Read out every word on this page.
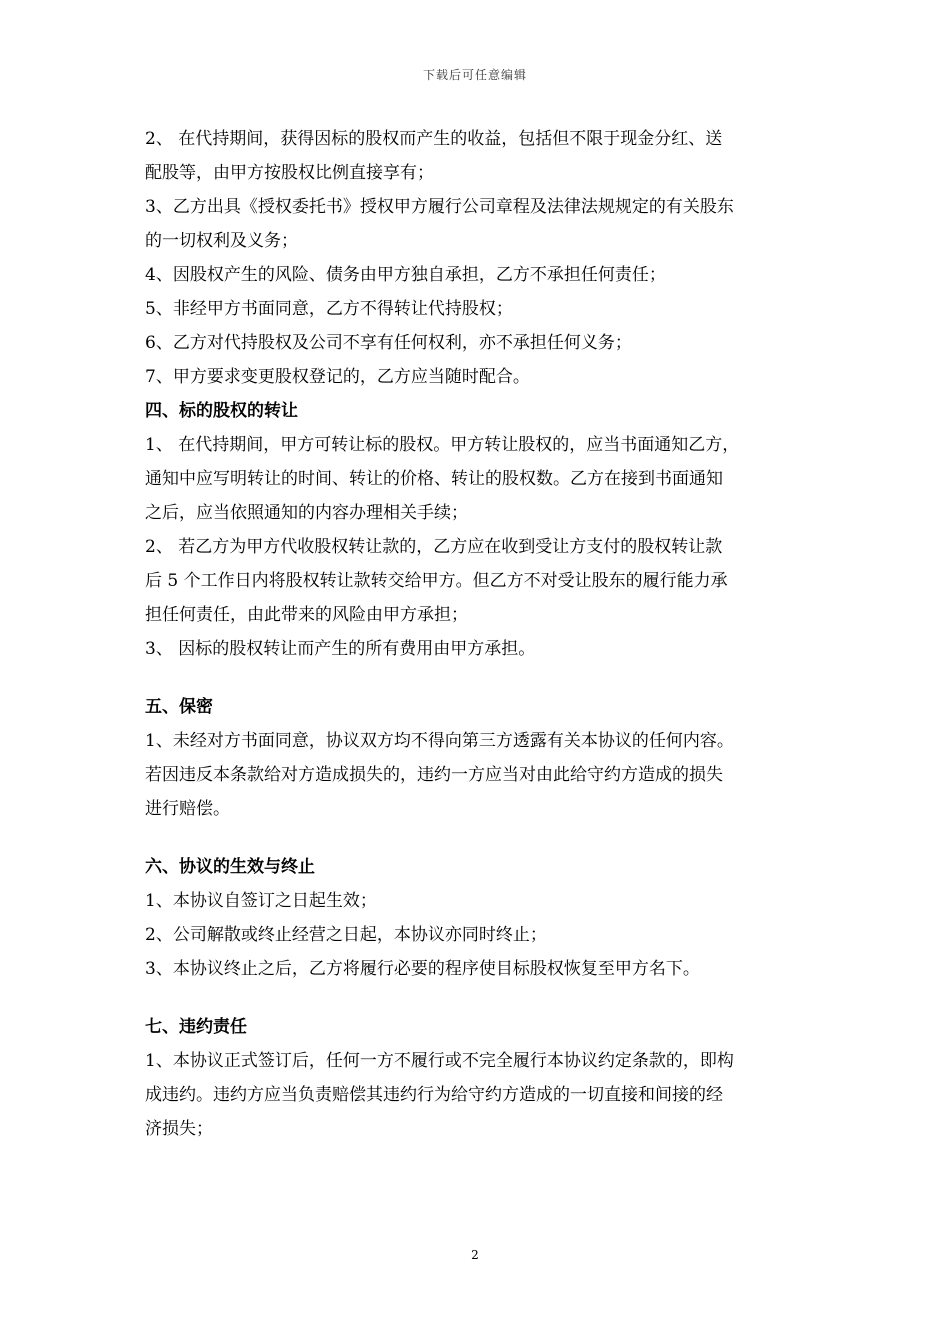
下载后可任意编辑
2、 在代持期间，获得因标的股权而产生的收益，包括但不限于现金分红、送
配股等，由甲方按股权比例直接享有；
3、乙方出具《授权委托书》授权甲方履行公司章程及法律法规规定的有关股东
的一切权利及义务；
4、因股权产生的风险、债务由甲方独自承担，乙方不承担任何责任；
5、非经甲方书面同意，乙方不得转让代持股权；
6、乙方对代持股权及公司不享有任何权利，亦不承担任何义务；
7、甲方要求变更股权登记的，乙方应当随时配合。
四、标的股权的转让
1、 在代持期间，甲方可转让标的股权。甲方转让股权的，应当书面通知乙方，
通知中应写明转让的时间、转让的价格、转让的股权数。乙方在接到书面通知
之后，应当依照通知的内容办理相关手续；
2、 若乙方为甲方代收股权转让款的，乙方应在收到受让方支付的股权转让款
后 5 个工作日内将股权转让款转交给甲方。但乙方不对受让股东的履行能力承
担任何责任，由此带来的风险由甲方承担；
3、 因标的股权转让而产生的所有费用由甲方承担。
五、保密
1、未经对方书面同意，协议双方均不得向第三方透露有关本协议的任何内容。
若因违反本条款给对方造成损失的，违约一方应当对由此给守约方造成的损失
进行赔偿。
六、协议的生效与终止
1、本协议自签订之日起生效；
2、公司解散或终止经营之日起，本协议亦同时终止；
3、本协议终止之后，乙方将履行必要的程序使目标股权恢复至甲方名下。
七、违约责任
1、本协议正式签订后，任何一方不履行或不完全履行本协议约定条款的，即构
成违约。违约方应当负责赔偿其违约行为给守约方造成的一切直接和间接的经
济损失；
2
